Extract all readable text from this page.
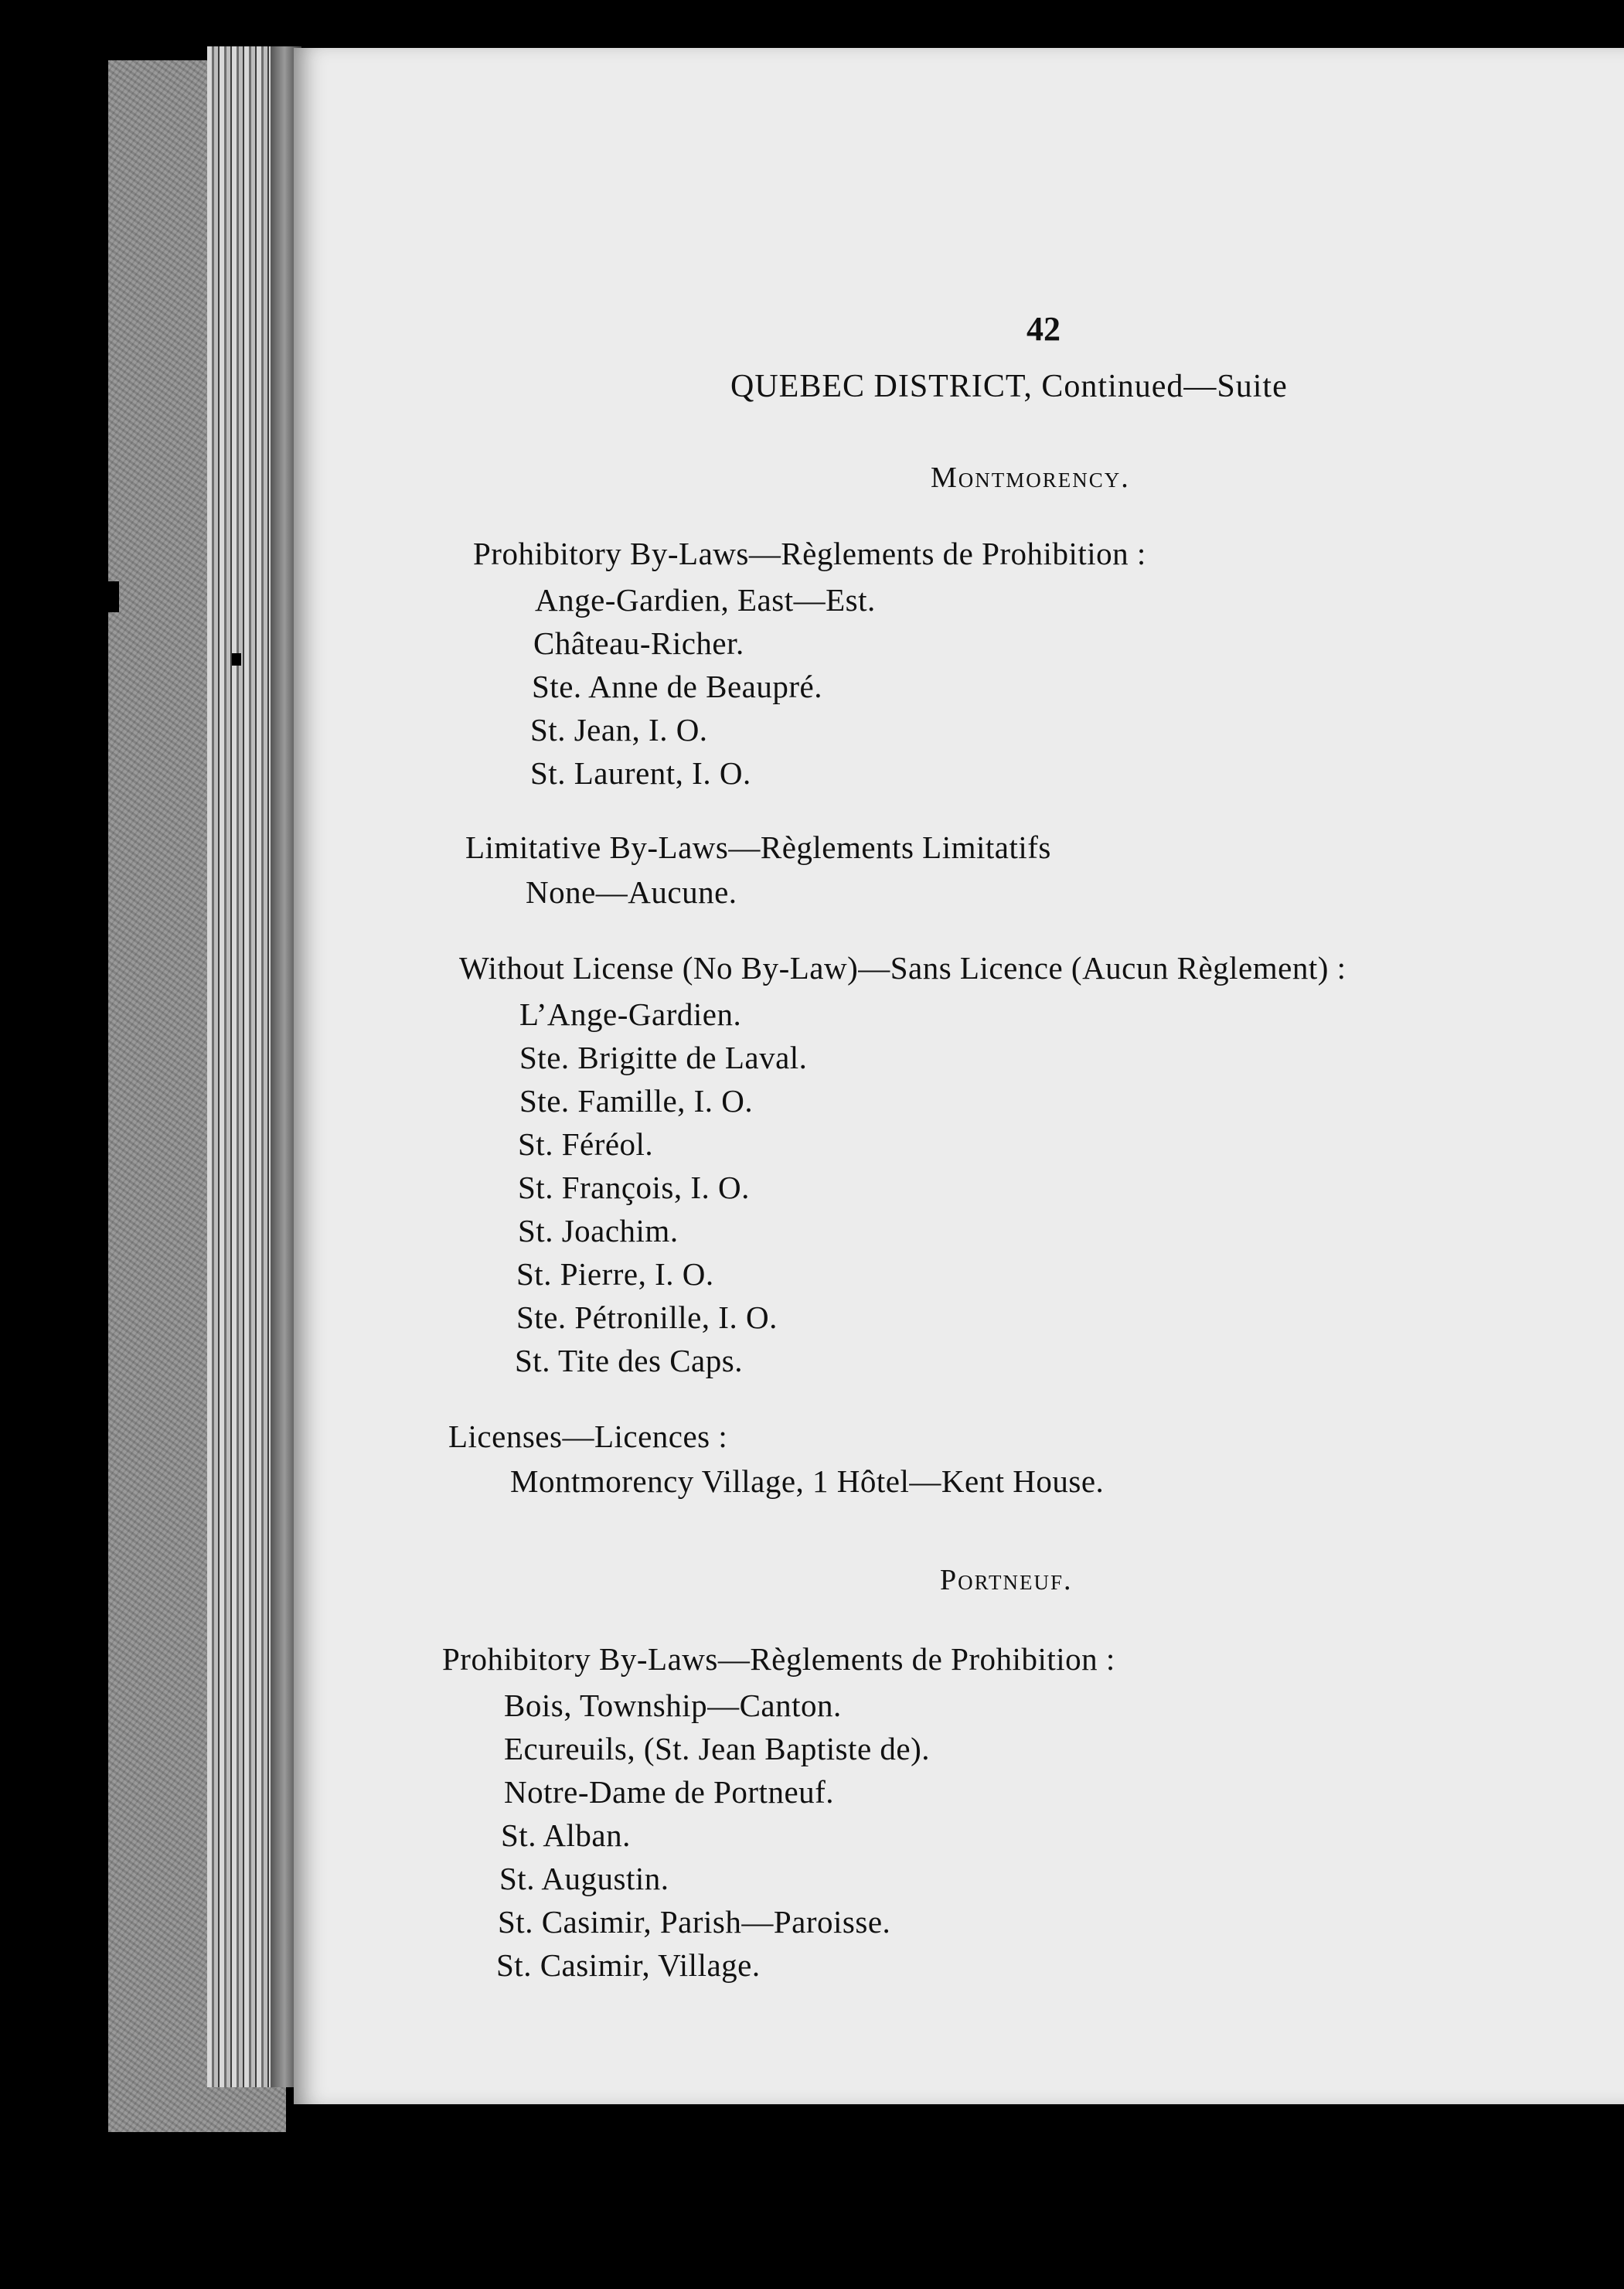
42
QUEBEC DISTRICT, Continued—Suite
Montmorency.
Prohibitory By-Laws—Règlements de Prohibition :
Ange-Gardien, East—Est.
Château-Richer.
Ste. Anne de Beaupré.
St. Jean, I. O.
St. Laurent, I. O.
Limitative By-Laws—Règlements Limitatifs
None—Aucune.
Without License (No By-Law)—Sans Licence (Aucun Règlement) :
L’Ange-Gardien.
Ste. Brigitte de Laval.
Ste. Famille, I. O.
St. Féréol.
St. François, I. O.
St. Joachim.
St. Pierre, I. O.
Ste. Pétronille, I. O.
St. Tite des Caps.
Licenses—Licences :
Montmorency Village, 1 Hôtel—Kent House.
Portneuf.
Prohibitory By-Laws—Règlements de Prohibition :
Bois, Township—Canton.
Ecureuils, (St. Jean Baptiste de).
Notre-Dame de Portneuf.
St. Alban.
St. Augustin.
St. Casimir, Parish—Paroisse.
St. Casimir, Village.
